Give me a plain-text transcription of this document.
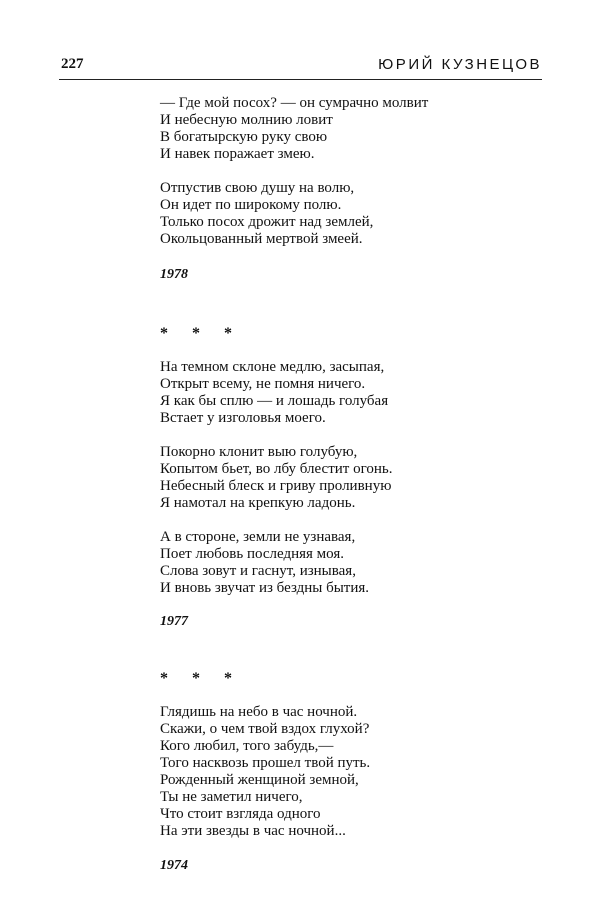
227	ЮРИЙ КУЗНЕЦОВ
— Где мой посох? — он сумрачно молвит
И небесную молнию ловит
В богатырскую руку свою
И навек поражает змею.
Отпустив свою душу на волю,
Он идет по широкому полю.
Только посох дрожит над землей,
Окольцованный мертвой змеей.
1978
* * *
На темном склоне медлю, засыпая,
Открыт всему, не помня ничего.
Я как бы сплю — и лошадь голубая
Встает у изголовья моего.
Покорно клонит выю голубую,
Копытом бьет, во лбу блестит огонь.
Небесный блеск и гриву проливную
Я намотал на крепкую ладонь.
А в стороне, земли не узнавая,
Поет любовь последняя моя.
Слова зовут и гаснут, изнывая,
И вновь звучат из бездны бытия.
1977
* * *
Глядишь на небо в час ночной.
Скажи, о чем твой вздох глухой?
Кого любил, того забудь,—
Того насквозь прошел твой путь.
Рожденный женщиной земной,
Ты не заметил ничего,
Что стоит взгляда одного
На эти звезды в час ночной...
1974
